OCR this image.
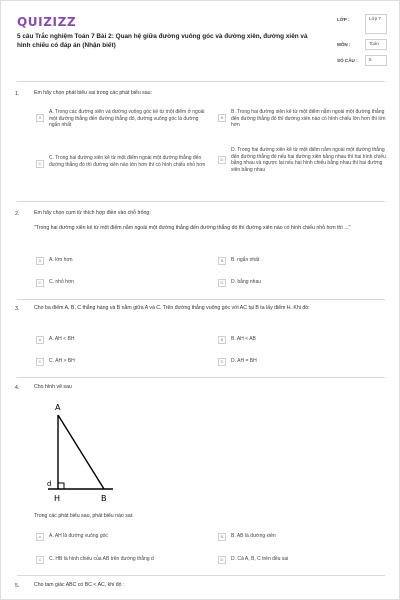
QUIZIZZ
5 câu Trắc nghiệm Toán 7 Bài 2: Quan hệ giữa đường vuông góc và đường xiên, đường xiên và hình chiếu có đáp án (Nhận biết)
LỚP :	Lớp 7
MÔN :	Toán
SỐ CÂU :	5
1.	Em hãy chọn phát biểu sai trong các phát biểu sau:
A
A. Trong các đường xiên và đường vuông góc kẻ từ một điểm ở ngoài một đường thẳng đến đường thẳng đó, đường vuông góc là đường ngắn nhất
B
B. Trong hai đường xiên kẻ từ một điểm nằm ngoài một đường thẳng đến đường thẳng đó thì đường xiên nào có hình chiếu lớn hơn thì lớn hơn
C
C. Trong hai đường xiên kẻ từ một điểm ngoài một đường thẳng đến đường thẳng đó thì đường xiên nào lớn hơn thì có hình chiếu nhỏ hơn
D
D. Trong hai đường xiên kẻ từ một điểm nằm ngoài một đường thẳng đến đường thẳng đó nếu hai đường xiên bằng nhau thì hai hình chiếu bằng nhau và ngược lại nếu hai hình chiếu bằng nhau thì hai đường xiên bằng nhau
2.	Em hãy chọn cụm từ thích hợp điền vào chỗ trống:
"Trong hai đường xiên kẻ từ một điểm nằm ngoài một đường thẳng đến đường thẳng đó thì đường xiên nào có hình chiếu nhỏ hơn thì ..."
A	A. lớn hơn	B	B. ngắn nhất
C	C. nhỏ hơn	D	D. bằng nhau
3.	Cho ba điểm A, B, C thẳng hàng và B nằm giữa A và C. Trên đường thẳng vuông góc với AC tại B ta lấy điểm H. Khi đó:
A	A. AH < BH	B	B. AH < AB
C	C. AH > BH	D	D. AH = BH
4.	Cho hình vẽ sau
A
H	B
d
Trong các phát biểu sau, phát biểu nào sai:
A	A. AH là đường vuông góc	B	B. AB là đường xiên
C	C. HB là hình chiếu của AB trên đường thẳng d	D	D. Cả A, B, C trên đều sai
5.	Cho tam giác ABC có BC < AC, khi đó :
